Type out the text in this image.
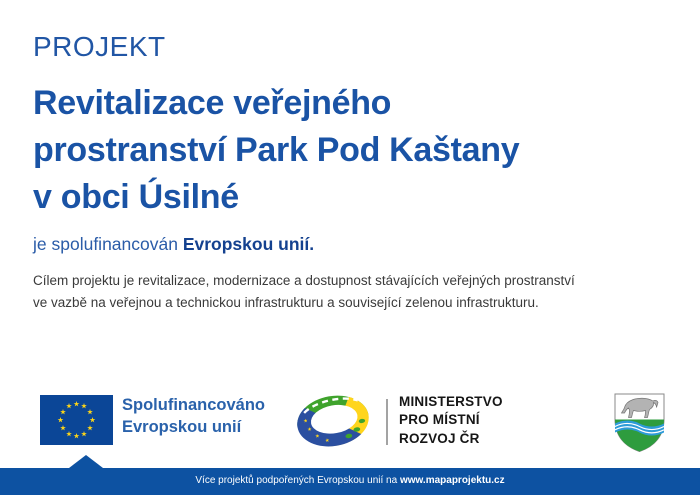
PROJEKT
Revitalizace veřejného
prostranství Park Pod Kaštany
v obci Úsilné
je spolufinancován Evropskou unií.
Cílem projektu je revitalizace, modernizace a dostupnost stávajících veřejných prostranství
ve vazbě na veřejnou a technickou infrastrukturu a související zelenou infrastrukturu.
Spolufinancováno
Evropskou unií
MINISTERSTVO
PRO MÍSTNÍ
ROZVOJ ČR
Více projektů podpořených Evropskou unií na www.mapaprojektu.cz
